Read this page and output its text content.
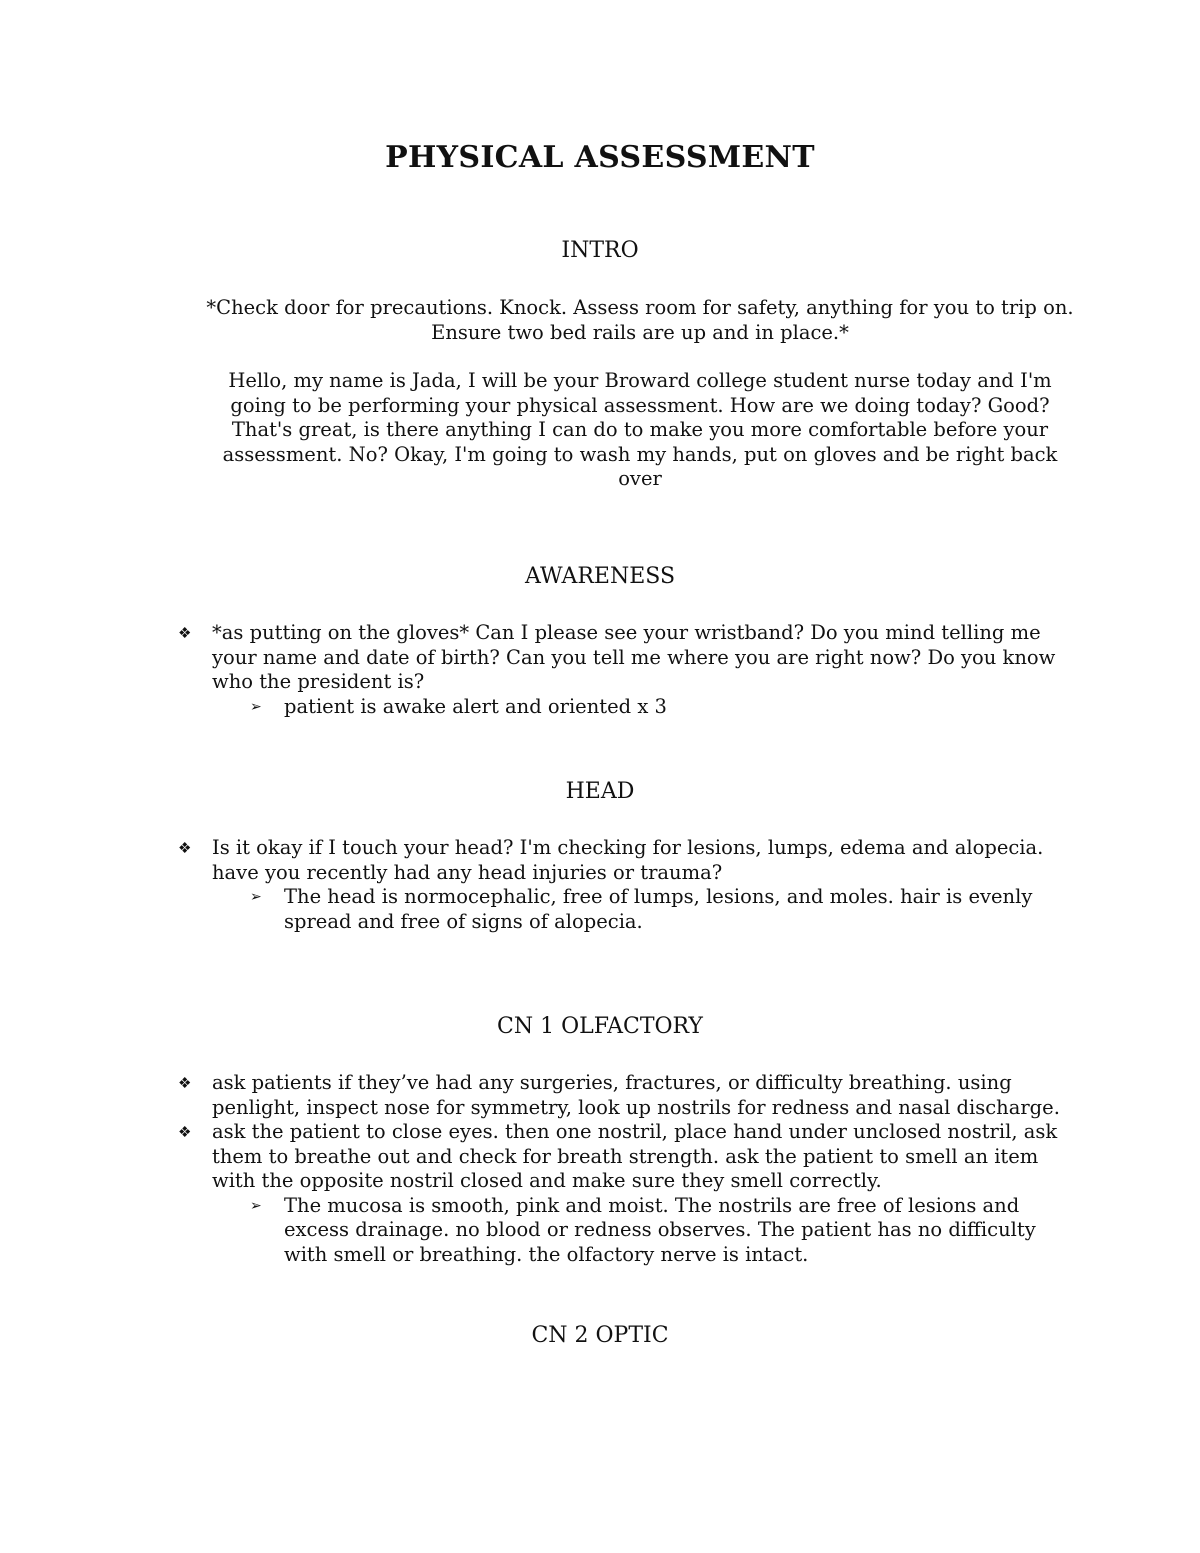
PHYSICAL ASSESSMENT
INTRO
*Check door for precautions. Knock. Assess room for safety, anything for you to trip on. Ensure two bed rails are up and in place.*
Hello, my name is Jada, I will be your Broward college student nurse today and I'm going to be performing your physical assessment. How are we doing today? Good? That's great, is there anything I can do to make you more comfortable before your assessment. No? Okay, I'm going to wash my hands, put on gloves and be right back over
AWARENESS
❖ *as putting on the gloves* Can I please see your wristband? Do you mind telling me your name and date of birth? Can you tell me where you are right now? Do you know who the president is?
➢ patient is awake alert and oriented x 3
HEAD
❖ Is it okay if I touch your head? I'm checking for lesions, lumps, edema and alopecia. have you recently had any head injuries or trauma?
➢ The head is normocephalic, free of lumps, lesions, and moles. hair is evenly spread and free of signs of alopecia.
CN 1 OLFACTORY
❖ ask patients if they’ve had any surgeries, fractures, or difficulty breathing. using penlight, inspect nose for symmetry, look up nostrils for redness and nasal discharge.
❖ ask the patient to close eyes. then one nostril, place hand under unclosed nostril, ask them to breathe out and check for breath strength. ask the patient to smell an item with the opposite nostril closed and make sure they smell correctly.
➢ The mucosa is smooth, pink and moist. The nostrils are free of lesions and excess drainage. no blood or redness observes. The patient has no difficulty with smell or breathing. the olfactory nerve is intact.
CN 2 OPTIC
